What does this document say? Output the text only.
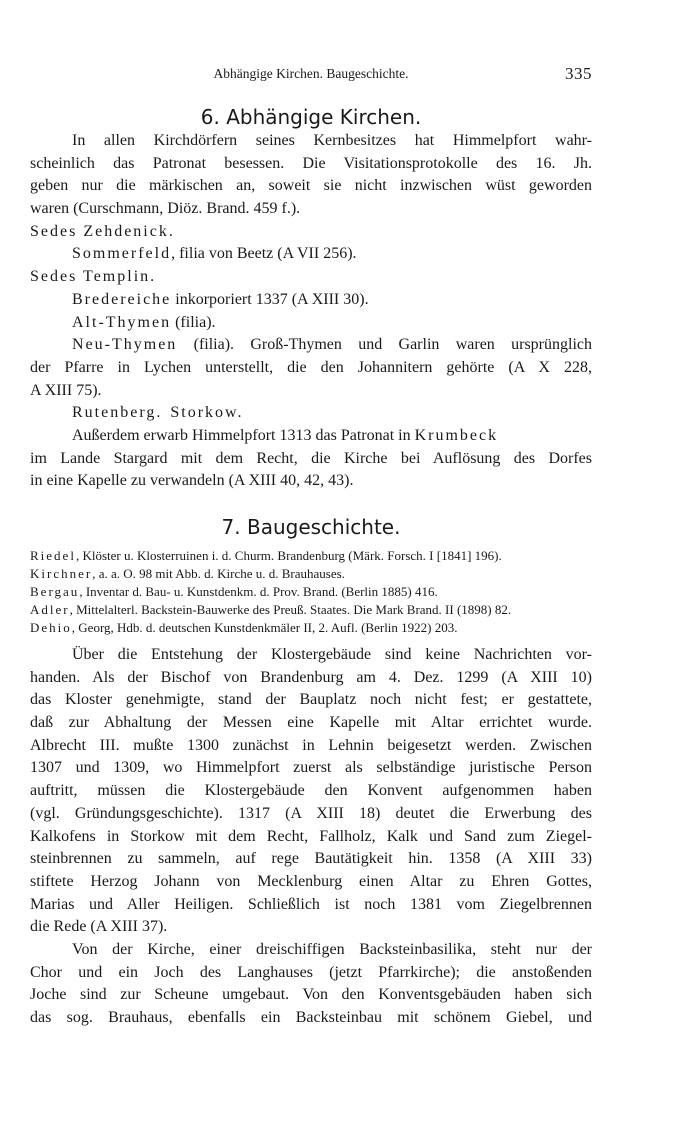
Abhängige Kirchen. Baugeschichte.	335
6. Abhängige Kirchen.
In allen Kirchdörfern seines Kernbesitzes hat Himmelpfort wahr-
scheinlich das Patronat besessen. Die Visitationsprotokolle des 16. Jh.
geben nur die märkischen an, soweit sie nicht inzwischen wüst geworden
waren (Curschmann, Diöz. Brand. 459 f.).
Sedes Zehdenick.
Sommerfeld, filia von Beetz (A VII 256).
Sedes Templin.
Bredereiche inkorporiert 1337 (A XIII 30).
Alt-Thymen (filia).
Neu-Thymen (filia). Groß-Thymen und Garlin waren ursprünglich
der Pfarre in Lychen unterstellt, die den Johannitern gehörte (A X 228,
A XIII 75).
Rutenberg. Storkow.
Außerdem erwarb Himmelpfort 1313 das Patronat in Krumbeck
im Lande Stargard mit dem Recht, die Kirche bei Auflösung des Dorfes
in eine Kapelle zu verwandeln (A XIII 40, 42, 43).
7. Baugeschichte.
Riedel, Klöster u. Klosterruinen i. d. Churm. Brandenburg (Märk. Forsch. I [1841] 196).
Kirchner, a. a. O. 98 mit Abb. d. Kirche u. d. Brauhauses.
Bergau, Inventar d. Bau- u. Kunstdenkm. d. Prov. Brand. (Berlin 1885) 416.
Adler, Mittelalterl. Backstein-Bauwerke des Preuß. Staates. Die Mark Brand. II (1898) 82.
Dehio, Georg, Hdb. d. deutschen Kunstdenkmäler II, 2. Aufl. (Berlin 1922) 203.
Über die Entstehung der Klostergebäude sind keine Nachrichten vor-
handen. Als der Bischof von Brandenburg am 4. Dez. 1299 (A XIII 10)
das Kloster genehmigte, stand der Bauplatz noch nicht fest; er gestattete,
daß zur Abhaltung der Messen eine Kapelle mit Altar errichtet wurde.
Albrecht III. mußte 1300 zunächst in Lehnin beigesetzt werden. Zwischen
1307 und 1309, wo Himmelpfort zuerst als selbständige juristische Person
auftritt, müssen die Klostergebäude den Konvent aufgenommen haben
(vgl. Gründungsgeschichte). 1317 (A XIII 18) deutet die Erwerbung des
Kalkofens in Storkow mit dem Recht, Fallholz, Kalk und Sand zum Ziegel-
steinbrennen zu sammeln, auf rege Bautätigkeit hin. 1358 (A XIII 33)
stiftete Herzog Johann von Mecklenburg einen Altar zu Ehren Gottes,
Marias und Aller Heiligen. Schließlich ist noch 1381 vom Ziegelbrennen
die Rede (A XIII 37).
Von der Kirche, einer dreischiffigen Backsteinbasilika, steht nur der
Chor und ein Joch des Langhauses (jetzt Pfarrkirche); die anstoßenden
Joche sind zur Scheune umgebaut. Von den Konventsgebäuden haben sich
das sog. Brauhaus, ebenfalls ein Backsteinbau mit schönem Giebel, und
